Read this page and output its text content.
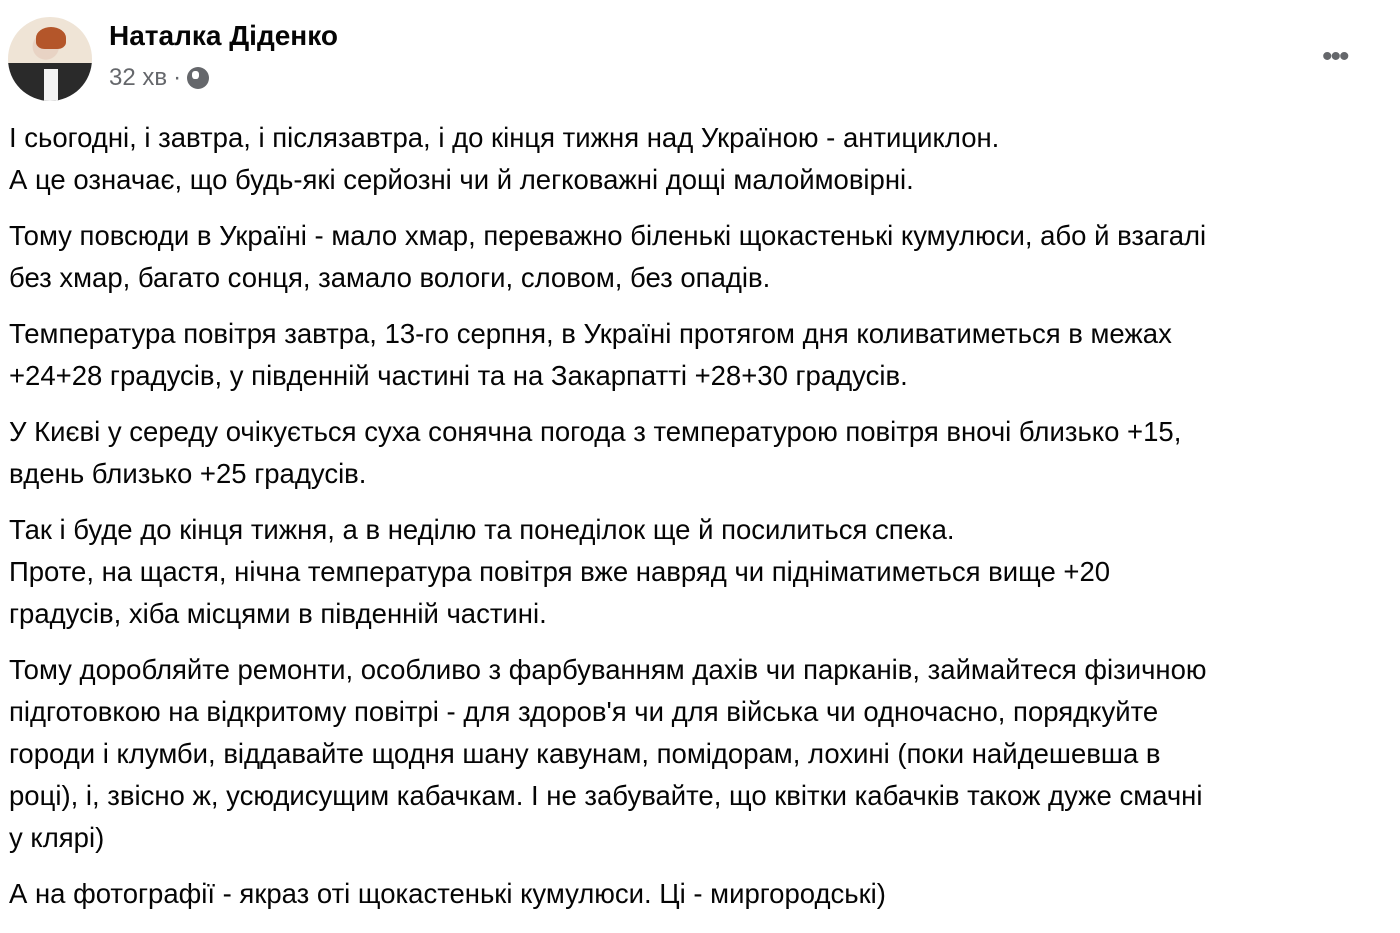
Наталка Діденко
32 хв ·
•••
І сьогодні, і завтра, і післязавтра, і до кінця тижня над Україною - антициклон.
А це означає, що будь-які серйозні чи й легковажні дощі малоймовірні.
Тому повсюди в Україні - мало хмар, переважно біленькі щокастенькі кумулюси, або й взагалі
без хмар, багато сонця, замало вологи, словом, без опадів.
Температура повітря завтра, 13-го серпня, в Україні протягом дня коливатиметься в межах
+24+28 градусів, у південній частині та на Закарпатті +28+30 градусів.
У Києві у середу очікується суха сонячна погода з температурою повітря вночі близько +15,
вдень близько +25 градусів.
Так і буде до кінця тижня, а в неділю та понеділок ще й посилиться спека.
Проте, на щастя, нічна температура повітря вже навряд чи підніматиметься вище +20
градусів, хіба місцями в південній частині.
Тому доробляйте ремонти, особливо з фарбуванням дахів чи парканів, займайтеся фізичною
підготовкою на відкритому повітрі - для здоров'я чи для війська чи одночасно, порядкуйте
городи і клумби, віддавайте щодня шану кавунам, помідорам, лохині (поки найдешевша в
році), і, звісно ж, усюдисущим кабачкам. І не забувайте, що квітки кабачків також дуже смачні
у клярі)
А на фотографії - якраз оті щокастенькі кумулюси. Ці - миргородські)
